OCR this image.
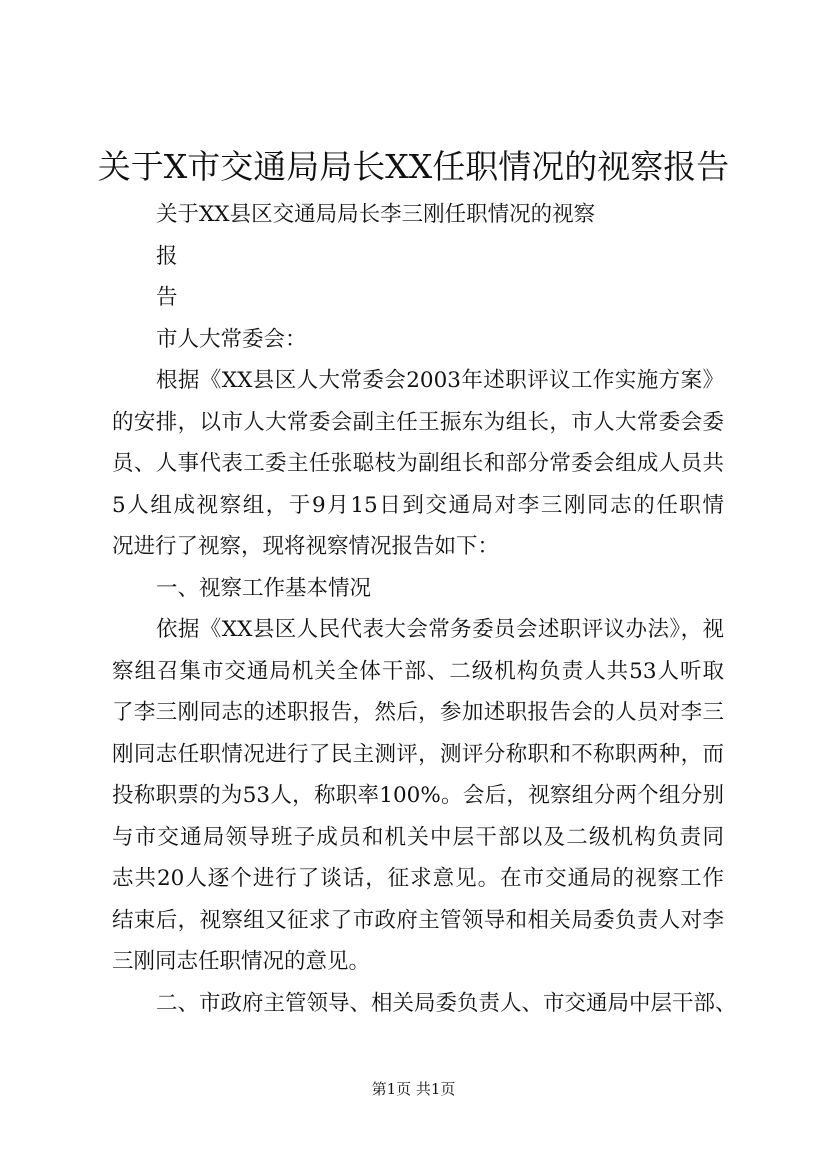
关于X市交通局局长XX任职情况的视察报告
关于XX县区交通局局长李三刚任职情况的视察
报
告
市人大常委会：
根据《XX县区人大常委会2003年述职评议工作实施方案》
的安排，以市人大常委会副主任王振东为组长，市人大常委会委
员、人事代表工委主任张聪枝为副组长和部分常委会组成人员共
5人组成视察组，于9月15日到交通局对李三刚同志的任职情
况进行了视察，现将视察情况报告如下：
一、视察工作基本情况
依据《XX县区人民代表大会常务委员会述职评议办法》，视
察组召集市交通局机关全体干部、二级机构负责人共53人听取
了李三刚同志的述职报告，然后，参加述职报告会的人员对李三
刚同志任职情况进行了民主测评，测评分称职和不称职两种，而
投称职票的为53人，称职率100%。会后，视察组分两个组分别
与市交通局领导班子成员和机关中层干部以及二级机构负责同
志共20人逐个进行了谈话，征求意见。在市交通局的视察工作
结束后，视察组又征求了市政府主管领导和相关局委负责人对李
三刚同志任职情况的意见。
二、市政府主管领导、相关局委负责人、市交通局中层干部、
第1页 共1页
